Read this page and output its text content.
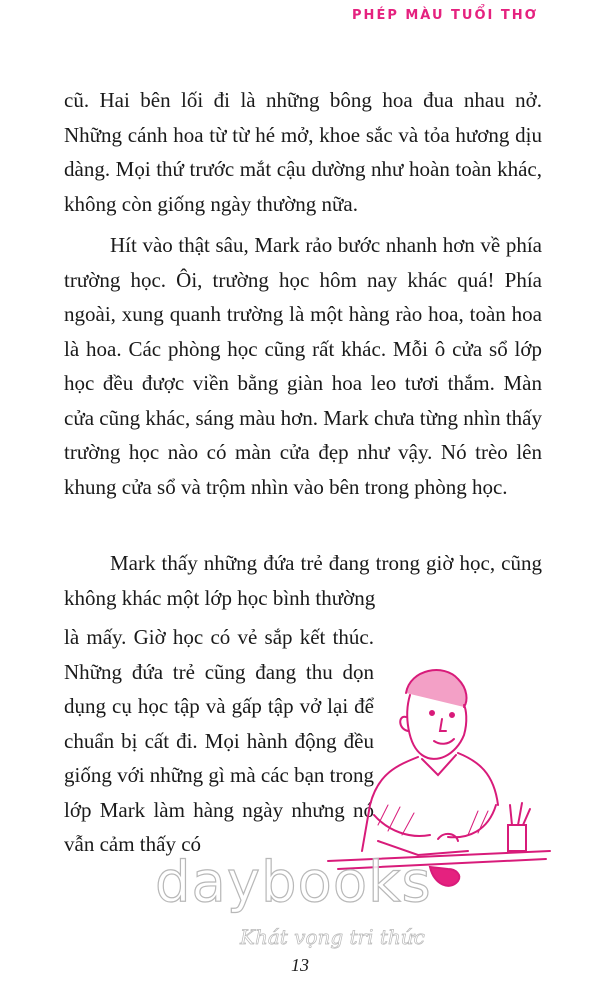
PHÉP MÀU TUỔI THƠ
cũ. Hai bên lối đi là những bông hoa đua nhau nở. Những cánh hoa từ từ hé mở, khoe sắc và tỏa hương dịu dàng. Mọi thứ trước mắt cậu dường như hoàn toàn khác, không còn giống ngày thường nữa.
Hít vào thật sâu, Mark rảo bước nhanh hơn về phía trường học. Ôi, trường học hôm nay khác quá! Phía ngoài, xung quanh trường là một hàng rào hoa, toàn hoa là hoa. Các phòng học cũng rất khác. Mỗi ô cửa sổ lớp học đều được viền bằng giàn hoa leo tươi thắm. Màn cửa cũng khác, sáng màu hơn. Mark chưa từng nhìn thấy trường học nào có màn cửa đẹp như vậy. Nó trèo lên khung cửa sổ và trộm nhìn vào bên trong phòng học.
Mark thấy những đứa trẻ đang trong giờ học, cũng không khác một lớp học bình thường
là mấy. Giờ học có vẻ sắp kết thúc. Những đứa trẻ cũng đang thu dọn dụng cụ học tập và gấp tập vở lại để chuẩn bị cất đi. Mọi hành động đều giống với những gì mà các bạn trong lớp Mark làm hàng ngày nhưng nó vẫn cảm thấy có
daybooks
Khát vọng tri thức
13
